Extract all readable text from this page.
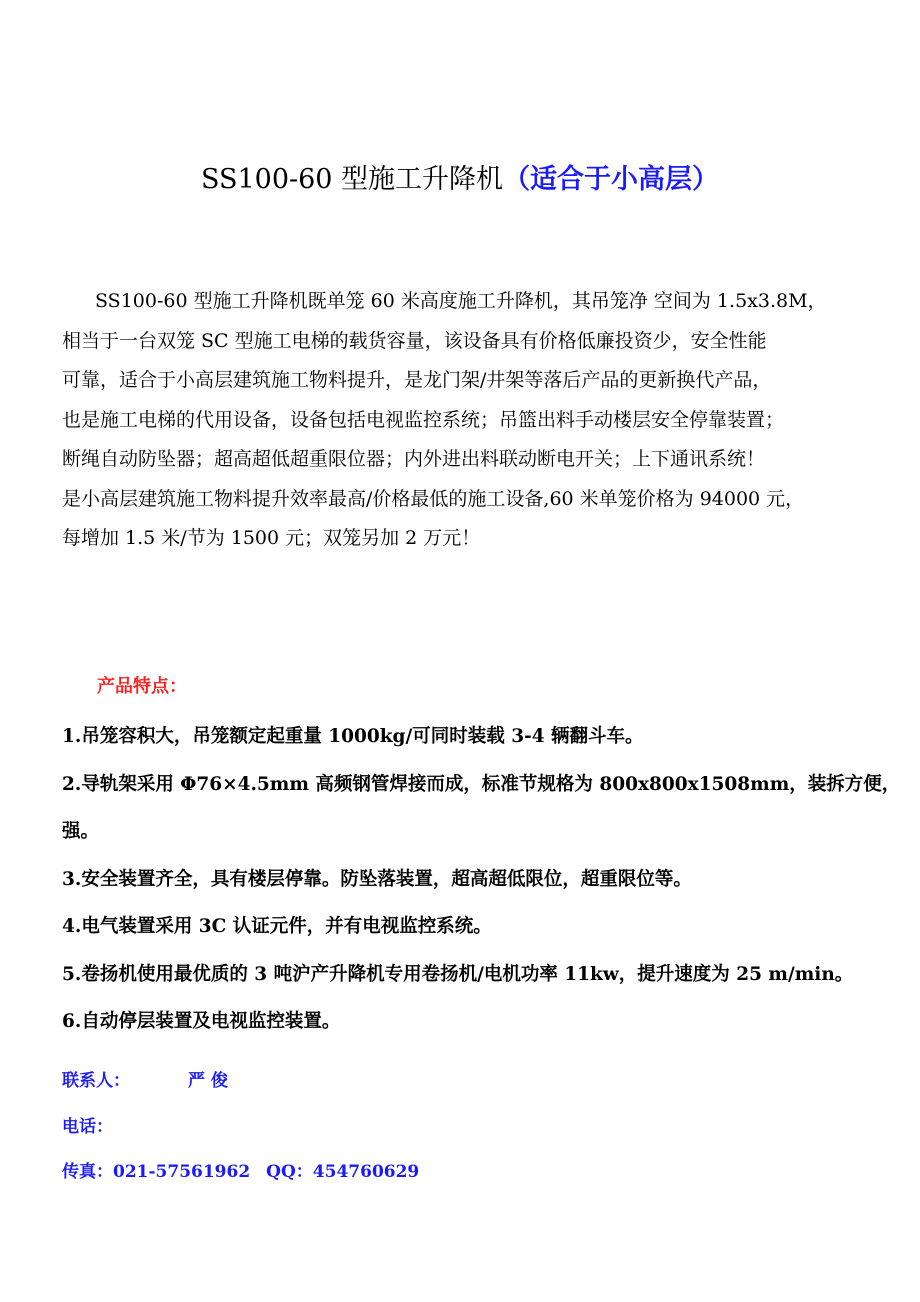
SS100-60 型施工升降机（适合于小高层）
SS100-60 型施工升降机既单笼 60 米高度施工升降机，其吊笼净 空间为 1.5x3.8M，
相当于一台双笼 SC 型施工电梯的载货容量，该设备具有价格低廉投资少，安全性能
可靠，适合于小高层建筑施工物料提升，是龙门架/井架等落后产品的更新换代产品，
也是施工电梯的代用设备，设备包括电视监控系统；吊篮出料手动楼层安全停靠装置；
断绳自动防坠器；超高超低超重限位器；内外进出料联动断电开关；上下通讯系统！
是小高层建筑施工物料提升效率最高/价格最低的施工设备,60 米单笼价格为 94000 元，
每增加 1.5 米/节为 1500 元；双笼另加 2 万元！
产品特点：
1.吊笼容积大，吊笼额定起重量 1000kg/可同时装载 3-4 辆翻斗车。
2.导轨架采用 Φ76×4.5mm 高频钢管焊接而成，标准节规格为 800x800x1508mm，装拆方便，
强。
3.安全装置齐全，具有楼层停靠。防坠落装置，超高超低限位，超重限位等。
4.电气装置采用 3C 认证元件，并有电视监控系统。
5.卷扬机使用最优质的 3 吨沪产升降机专用卷扬机/电机功率 11kw，提升速度为 25 m/min。
6.自动停层装置及电视监控装置。
联系人：	严 俊
电话：
传真：021-57561962 QQ：454760629
